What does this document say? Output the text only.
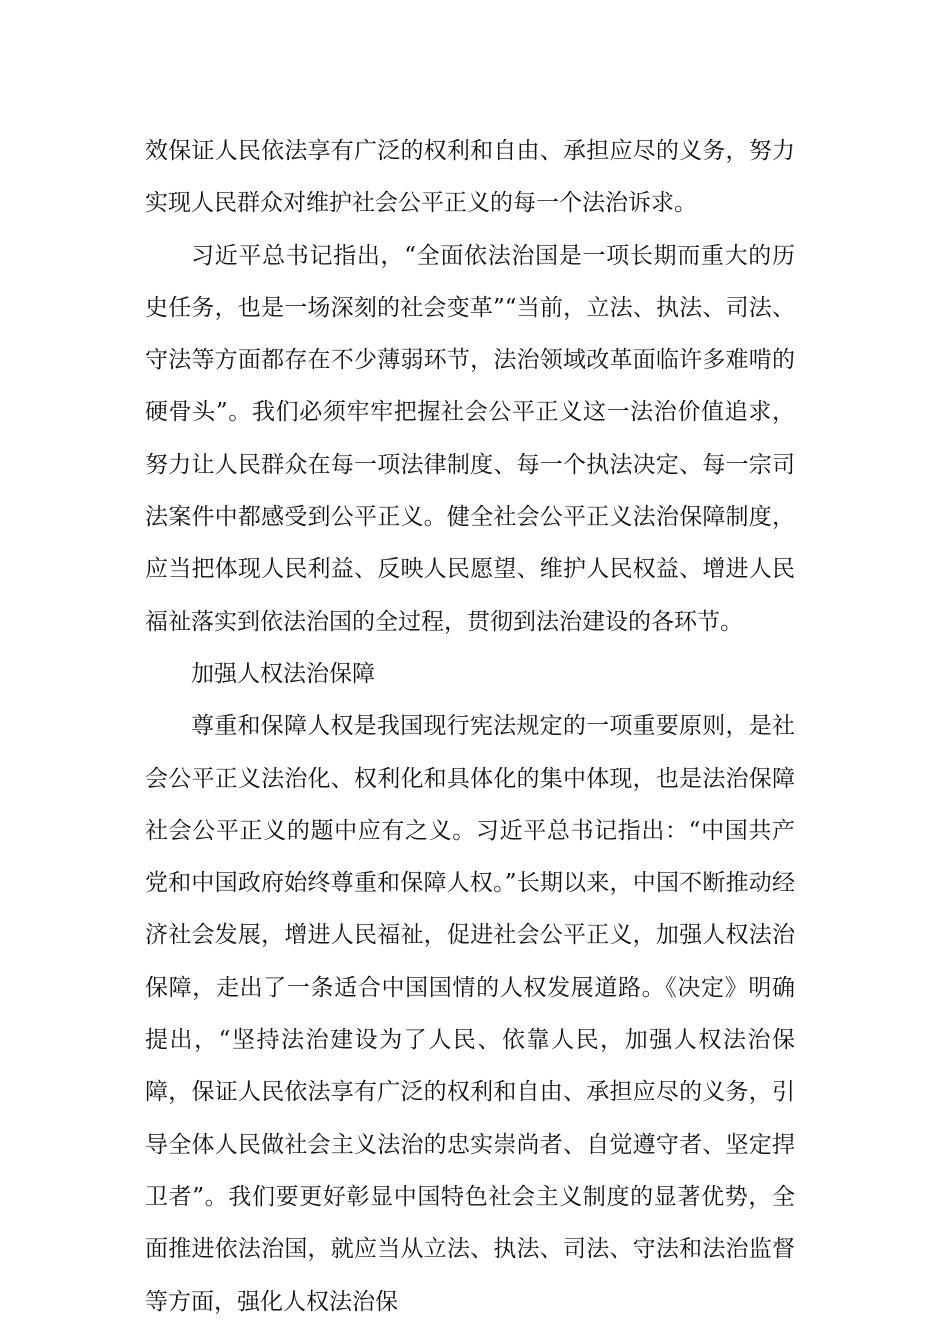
效保证人民依法享有广泛的权利和自由、承担应尽的义务，努力实现人民群众对维护社会公平正义的每一个法治诉求。

习近平总书记指出，“全面依法治国是一项长期而重大的历史任务，也是一场深刻的社会变革”“当前，立法、执法、司法、守法等方面都存在不少薄弱环节，法治领域改革面临许多难啃的硬骨头”。我们必须牢牢把握社会公平正义这一法治价值追求，努力让人民群众在每一项法律制度、每一个执法决定、每一宗司法案件中都感受到公平正义。健全社会公平正义法治保障制度，应当把体现人民利益、反映人民愿望、维护人民权益、增进人民福祉落实到依法治国的全过程，贯彻到法治建设的各环节。

加强人权法治保障

尊重和保障人权是我国现行宪法规定的一项重要原则，是社会公平正义法治化、权利化和具体化的集中体现，也是法治保障社会公平正义的题中应有之义。习近平总书记指出：“中国共产党和中国政府始终尊重和保障人权。”长期以来，中国不断推动经济社会发展，增进人民福祉，促进社会公平正义，加强人权法治保障，走出了一条适合中国国情的人权发展道路。《决定》明确提出，“坚持法治建设为了人民、依靠人民，加强人权法治保障，保证人民依法享有广泛的权利和自由、承担应尽的义务，引导全体人民做社会主义法治的忠实崇尚者、自觉遵守者、坚定捍卫者”。我们要更好彰显中国特色社会主义制度的显著优势，全面推进依法治国，就应当从立法、执法、司法、守法和法治监督等方面，强化人权法治保
